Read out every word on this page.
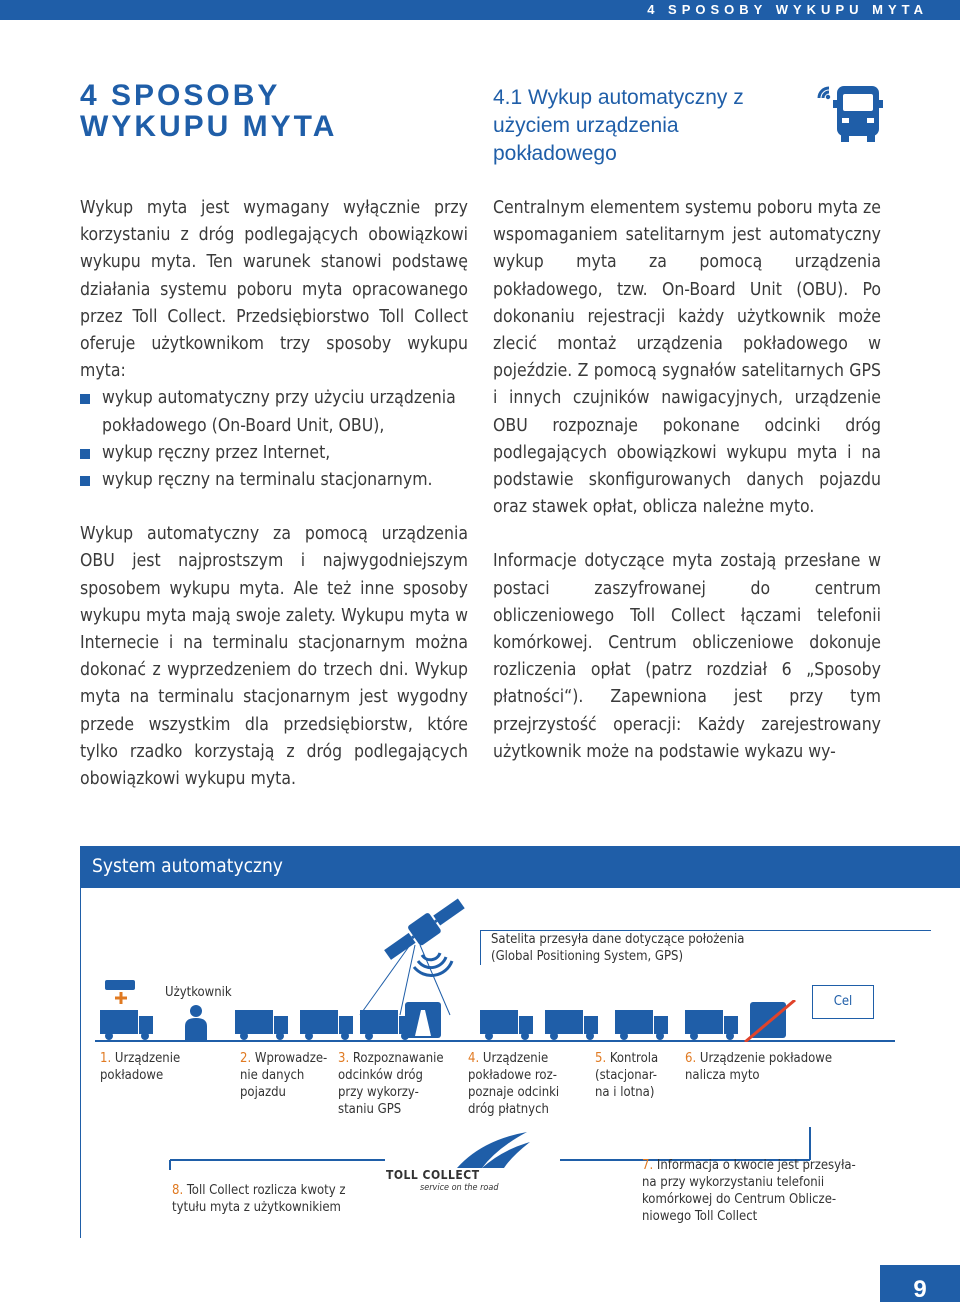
4 SPOSOBY WYKUPU MYTA
4 SPOSOBY
WYKUPU MYTA
4.1 Wykup automatyczny z użyciem urządzenia pokładowego

Wykup myta jest wymagany wyłącznie przy korzystaniu z dróg podlegających obowiązkowi wykupu myta. Ten warunek stanowi podstawę działania systemu poboru myta opracowanego przez Toll Collect. Przedsiębiorstwo Toll Collect oferuje użytkownikom trzy sposoby wykupu myta:

wykup automatyczny przy użyciu urządzenia pokładowego (On-Board Unit, OBU),
wykup ręczny przez Internet,
wykup ręczny na terminalu stacjonarnym.

Wykup automatyczny za pomocą urządzenia OBU jest najprostszym i najwygodniejszym sposobem wykupu myta. Ale też inne sposoby wykupu myta mają swoje zalety. Wykupu myta w Internecie i na terminalu stacjonarnym można dokonać z wyprzedzeniem do trzech dni. Wykup myta na terminalu stacjonarnym jest wygodny przede wszystkim dla przedsiębiorstw, które tylko rzadko korzystają z dróg podlegających obowiązkowi wykupu myta.

Centralnym elementem systemu poboru myta ze wspomaganiem satelitarnym jest automatyczny wykup myta za pomocą urządzenia pokładowego, tzw. On-Board Unit (OBU). Po dokonaniu rejestracji każdy użytkownik może zlecić montaż urządzenia pokładowego w pojeździe. Z pomocą sygnałów satelitarnych GPS i innych czujników nawigacyjnych, urządzenie OBU rozpoznaje pokonane odcinki dróg podlegających obowiązkowi wykupu myta i na podstawie skonfigurowanych danych pojazdu oraz stawek opłat, oblicza należne myto.

Informacje dotyczące myta zostają przesłane w postaci zaszyfrowanej do centrum obliczeniowego Toll Collect łączami telefonii komórkowej. Centrum obliczeniowe dokonuje rozliczenia opłat (patrz rozdział 6 „Sposoby płatności“). Zapewniona jest przy tym przejrzystość operacji: Każdy zarejestrowany użytkownik może na podstawie wykazu wy-

System automatyczny
Satelita przesyła dane dotyczące położenia
(Global Positioning System, GPS)
Użytkownik
Cel
1. Urządzenie
pokładowe
2. Wprowadze-
nie danych
pojazdu
3. Rozpoznawanie
odcinków dróg
przy wykorzy-
staniu GPS
4. Urządzenie
pokładowe roz-
poznaje odcinki
dróg płatnych
5. Kontrola
(stacjonar-
na i lotna)
6. Urządzenie pokładowe
nalicza myto
TOLL COLLECT
service on the road
8. Toll Collect rozlicza kwoty z
tytułu myta z użytkownikiem
7. Informacja o kwocie jest przesyła-
na przy wykorzystaniu telefonii
komórkowej do Centrum Oblicze-
niowego Toll Collect
9
